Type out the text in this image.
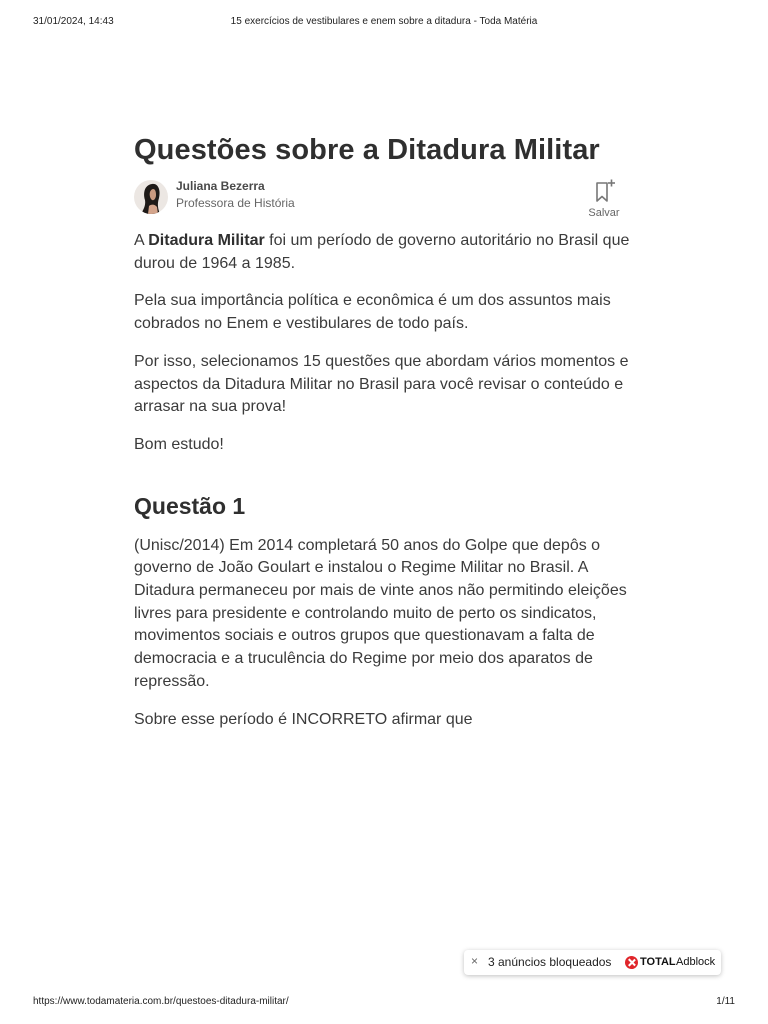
31/01/2024, 14:43	15 exercícios de vestibulares e enem sobre a ditadura - Toda Matéria
Questões sobre a Ditadura Militar
Juliana Bezerra
Professora de História
Salvar

A Ditadura Militar foi um período de governo autoritário no Brasil que durou de 1964 a 1985.

Pela sua importância política e econômica é um dos assuntos mais cobrados no Enem e vestibulares de todo país.

Por isso, selecionamos 15 questões que abordam vários momentos e aspectos da Ditadura Militar no Brasil para você revisar o conteúdo e arrasar na sua prova!

Bom estudo!

Questão 1

(Unisc/2014) Em 2014 completará 50 anos do Golpe que depôs o governo de João Goulart e instalou o Regime Militar no Brasil. A Ditadura permaneceu por mais de vinte anos não permitindo eleições livres para presidente e controlando muito de perto os sindicatos, movimentos sociais e outros grupos que questionavam a falta de democracia e a truculência do Regime por meio dos aparatos de repressão.

Sobre esse período é INCORRETO afirmar que

× 3 anúncios bloqueados	TOTAL Adblock
https://www.todamateria.com.br/questoes-ditadura-militar/	1/11
